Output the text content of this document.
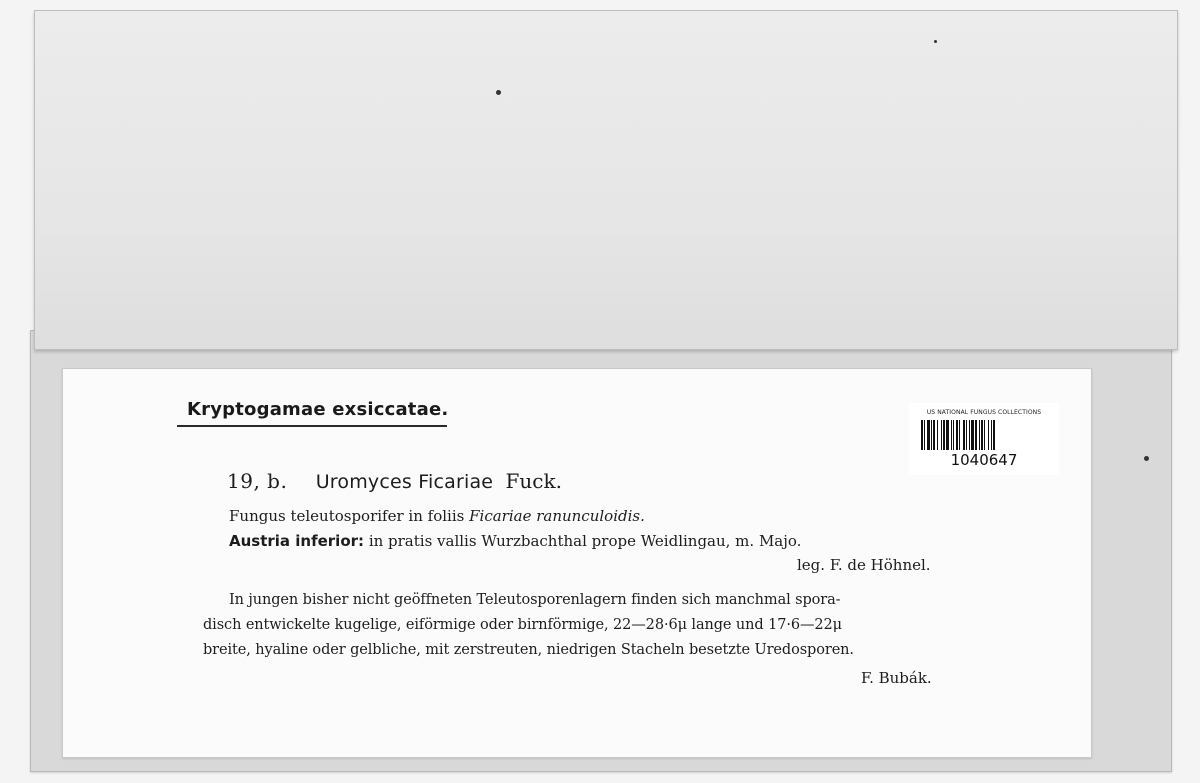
Kryptogamae exsiccatae.	US NATIONAL FUNGUS COLLECTIONS
1040647
19, b. Uromyces Ficariae Fuck.
Fungus teleutosporifer in foliis Ficariae ranunculoidis.
Austria inferior: in pratis vallis Wurzbachthal prope Weidlingau, m. Majo.
leg. F. de Höhnel.
In jungen bisher nicht geöffneten Teleutosporenlagern finden sich manchmal spora-
disch entwickelte kugelige, eiförmige oder birnförmige, 22—28·6μ lange und 17·6—22μ
breite, hyaline oder gelbliche, mit zerstreuten, niedrigen Stacheln besetzte Uredosporen.
F. Bubák.
